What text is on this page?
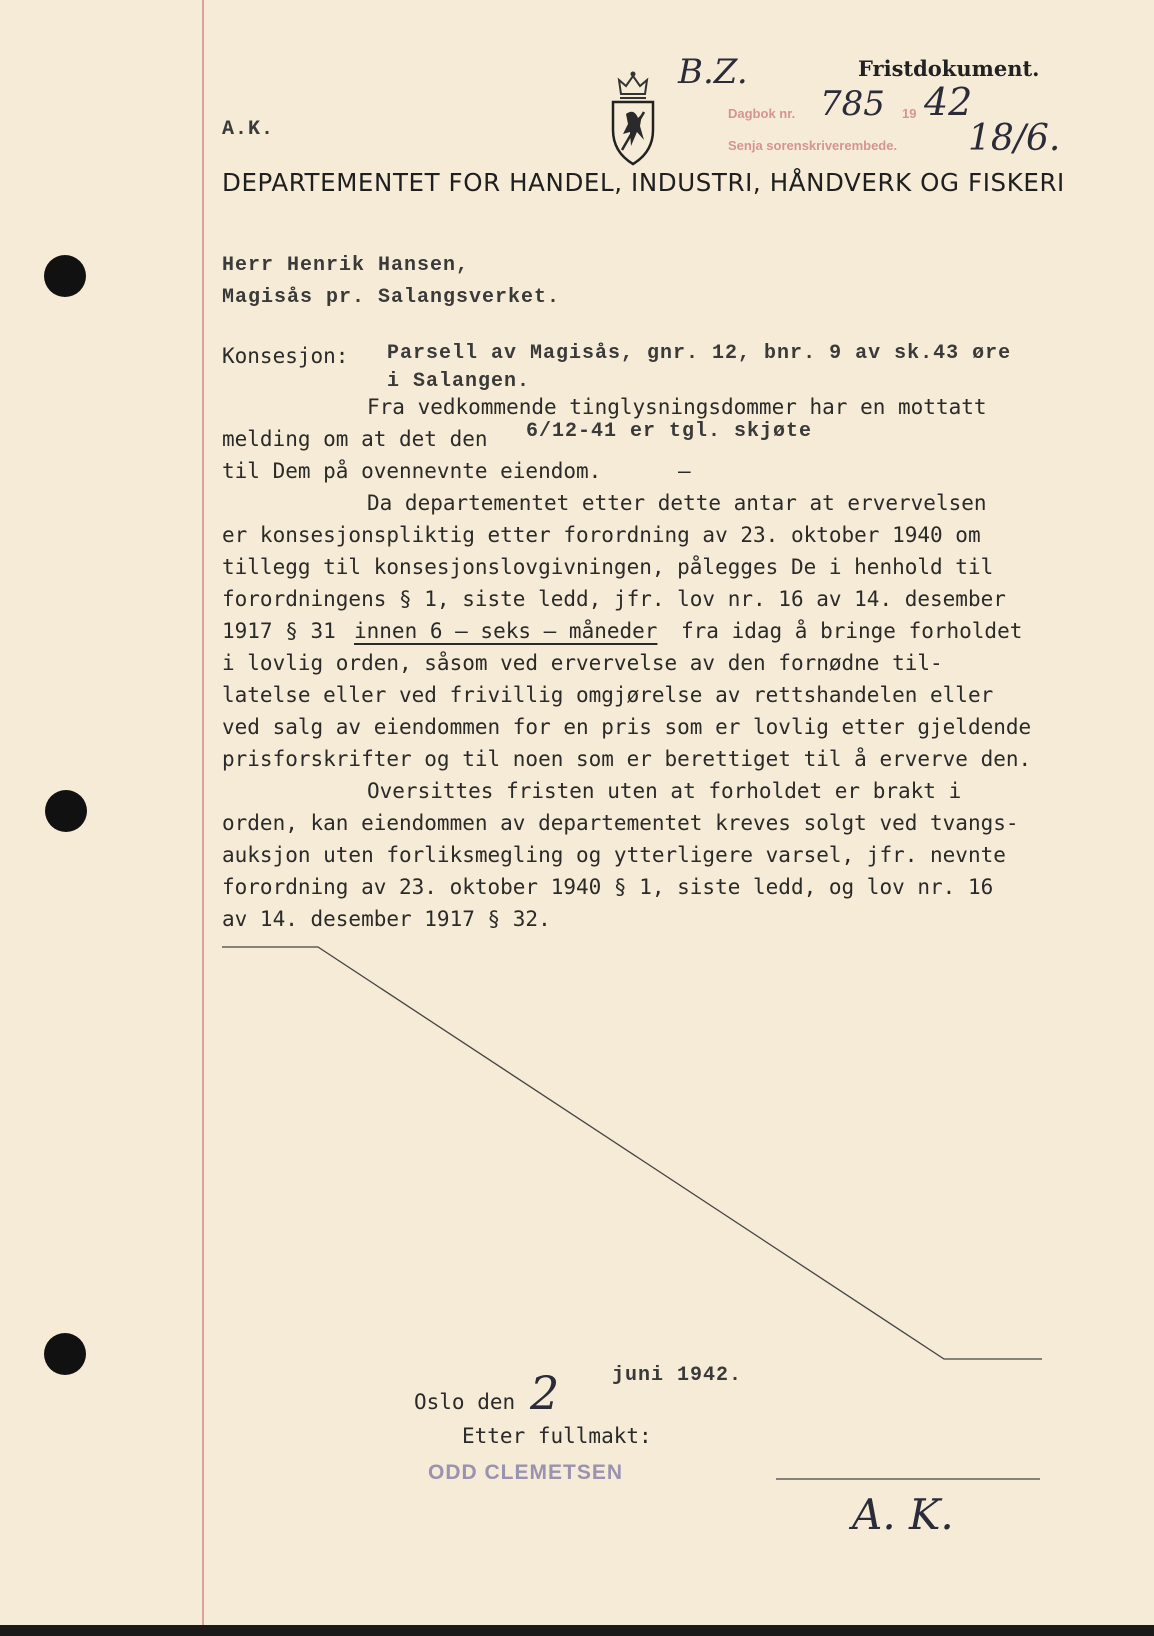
A.K.
Fristdokument.
B.Z.
Dagbok nr. 785 19 42
Senja sorenskriverembede. 18/6.
DEPARTEMENTET FOR HANDEL, INDUSTRI, HÅNDVERK OG FISKERI
Herr Henrik Hansen,
Magisås pr. Salangsverket.
Konsesjon: Parsell av Magisås, gnr. 12, bnr. 9 av sk.43 øre
i Salangen.
Fra vedkommende tinglysningsdommer har en mottatt
melding om at det den 6/12-41 er tgl. skjøte
til Dem på ovennevnte eiendom.	–
Da departementet etter dette antar at ervervelsen
er konsesjonspliktig etter forordning av 23. oktober 1940 om
tillegg til konsesjonslovgivningen, pålegges De i henhold til
forordningens § 1, siste ledd, jfr. lov nr. 16 av 14. desember
1917 § 31 innen 6 – seks – måneder fra idag å bringe forholdet
i lovlig orden, såsom ved ervervelse av den fornødne til-
latelse eller ved frivillig omgjørelse av rettshandelen eller
ved salg av eiendommen for en pris som er lovlig etter gjeldende
prisforskrifter og til noen som er berettiget til å erverve den.
Oversittes fristen uten at forholdet er brakt i
orden, kan eiendommen av departementet kreves solgt ved tvangs-
auksjon uten forliksmegling og ytterligere varsel, jfr. nevnte
forordning av 23. oktober 1940 § 1, siste ledd, og lov nr. 16
av 14. desember 1917 § 32.
Oslo den 2	juni 1942.
Etter fullmakt:
ODD CLEMETSEN
A. K.
